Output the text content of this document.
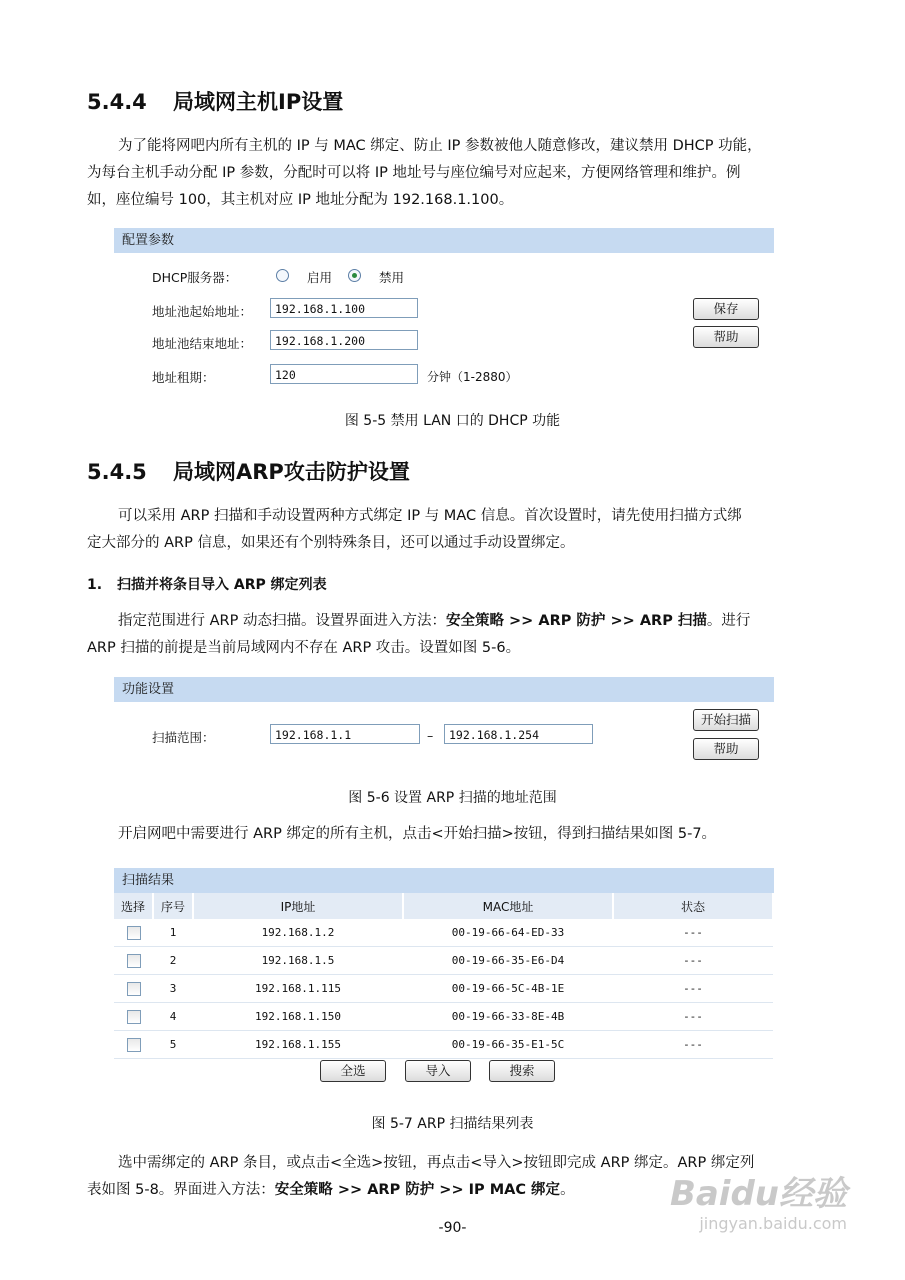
5.4.4 局域网主机IP设置
为了能将网吧内所有主机的 IP 与 MAC 绑定、防止 IP 参数被他人随意修改，建议禁用 DHCP 功能，
为每台主机手动分配 IP 参数，分配时可以将 IP 地址号与座位编号对应起来，方便网络管理和维护。例
如，座位编号 100，其主机对应 IP 地址分配为 192.168.1.100。
配置参数
DHCP服务器：	启用	禁用
地址池起始地址：	192.168.1.100	保存
地址池结束地址：	192.168.1.200	帮助
地址租期：	120	分钟（1-2880）
图 5-5 禁用 LAN 口的 DHCP 功能
5.4.5 局域网ARP攻击防护设置
可以采用 ARP 扫描和手动设置两种方式绑定 IP 与 MAC 信息。首次设置时，请先使用扫描方式绑
定大部分的 ARP 信息，如果还有个别特殊条目，还可以通过手动设置绑定。
1. 扫描并将条目导入 ARP 绑定列表
指定范围进行 ARP 动态扫描。设置界面进入方法：安全策略 >> ARP 防护 >> ARP 扫描。进行
ARP 扫描的前提是当前局域网内不存在 ARP 攻击。设置如图 5-6。
功能设置
扫描范围：	192.168.1.1	–	192.168.1.254
开始扫描
帮助
图 5-6 设置 ARP 扫描的地址范围
开启网吧中需要进行 ARP 绑定的所有主机，点击<开始扫描>按钮，得到扫描结果如图 5-7。
扫描结果
选择	序号	IP地址	MAC地址	状态
	1	192.168.1.2	00-19-66-64-ED-33	---
	2	192.168.1.5	00-19-66-35-E6-D4	---
	3	192.168.1.115	00-19-66-5C-4B-1E	---
	4	192.168.1.150	00-19-66-33-8E-4B	---
	5	192.168.1.155	00-19-66-35-E1-5C	---
全选	导入	搜索
图 5-7 ARP 扫描结果列表
选中需绑定的 ARP 条目，或点击<全选>按钮，再点击<导入>按钮即完成 ARP 绑定。ARP 绑定列
表如图 5-8。界面进入方法：安全策略 >> ARP 防护 >> IP MAC 绑定。
-90-
Baidu经验
jingyan.baidu.com
